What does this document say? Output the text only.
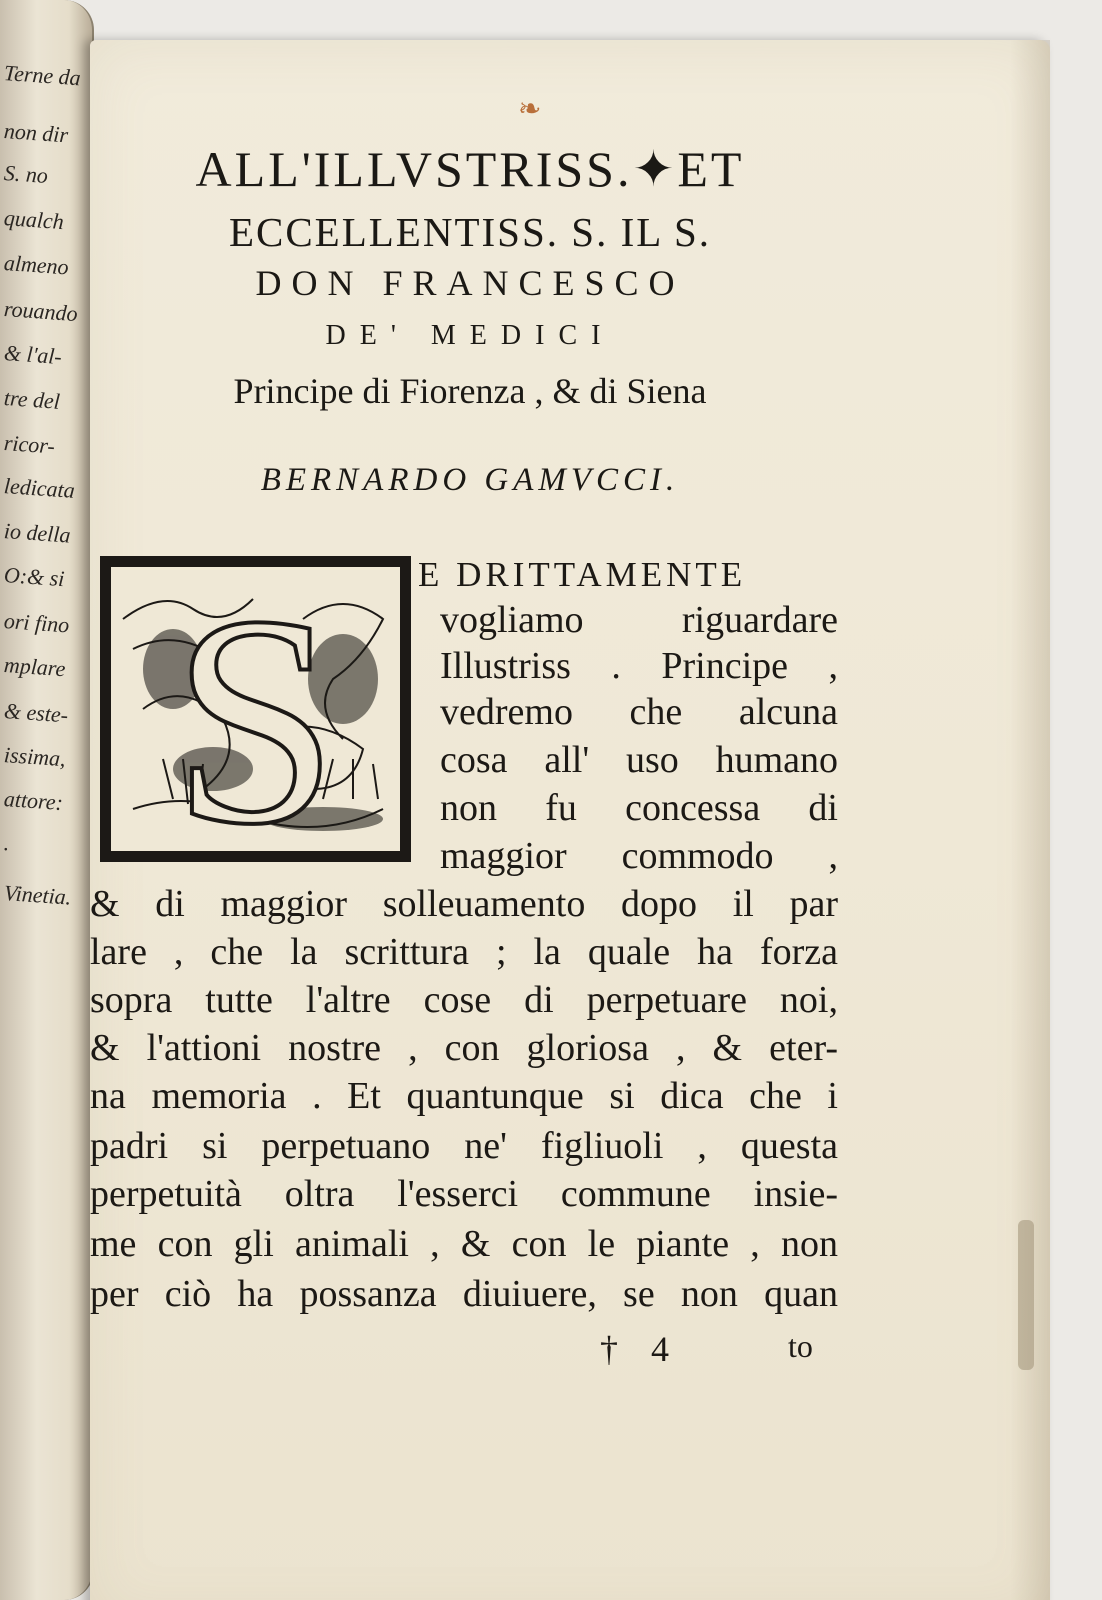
Terne da
non dir
S. no
qualch
almeno
rouando
& l'al-
tre del
ricor-
ledicata
io della
O:& si
ori fino
mplare
& este-
issima,
attore:
.
Vinetia.
❧
ALL'ILLVSTRISS.✦ET
ECCELLENTISS. S. IL S.
DON FRANCESCO
DE' MEDICI
Principe di Fiorenza , & di Siena
BERNARDO GAMVCCI.
S E DRITTAMENTE
vogliamo riguardare
Illustriss . Principe ,
vedremo che alcuna
cosa all' uso humano
non fu concessa di
maggior commodo ,
& di maggior solleuamento dopo il par
lare , che la scrittura ; la quale ha forza
sopra tutte l'altre cose di perpetuare noi,
& l'attioni nostre , con gloriosa , & eter-
na memoria . Et quantunque si dica che i
padri si perpetuano ne' figliuoli , questa
perpetuità oltra l'esserci commune insie-
me con gli animali , & con le piante , non
per ciò ha possanza diuiuere, se non quan
† 4	to
